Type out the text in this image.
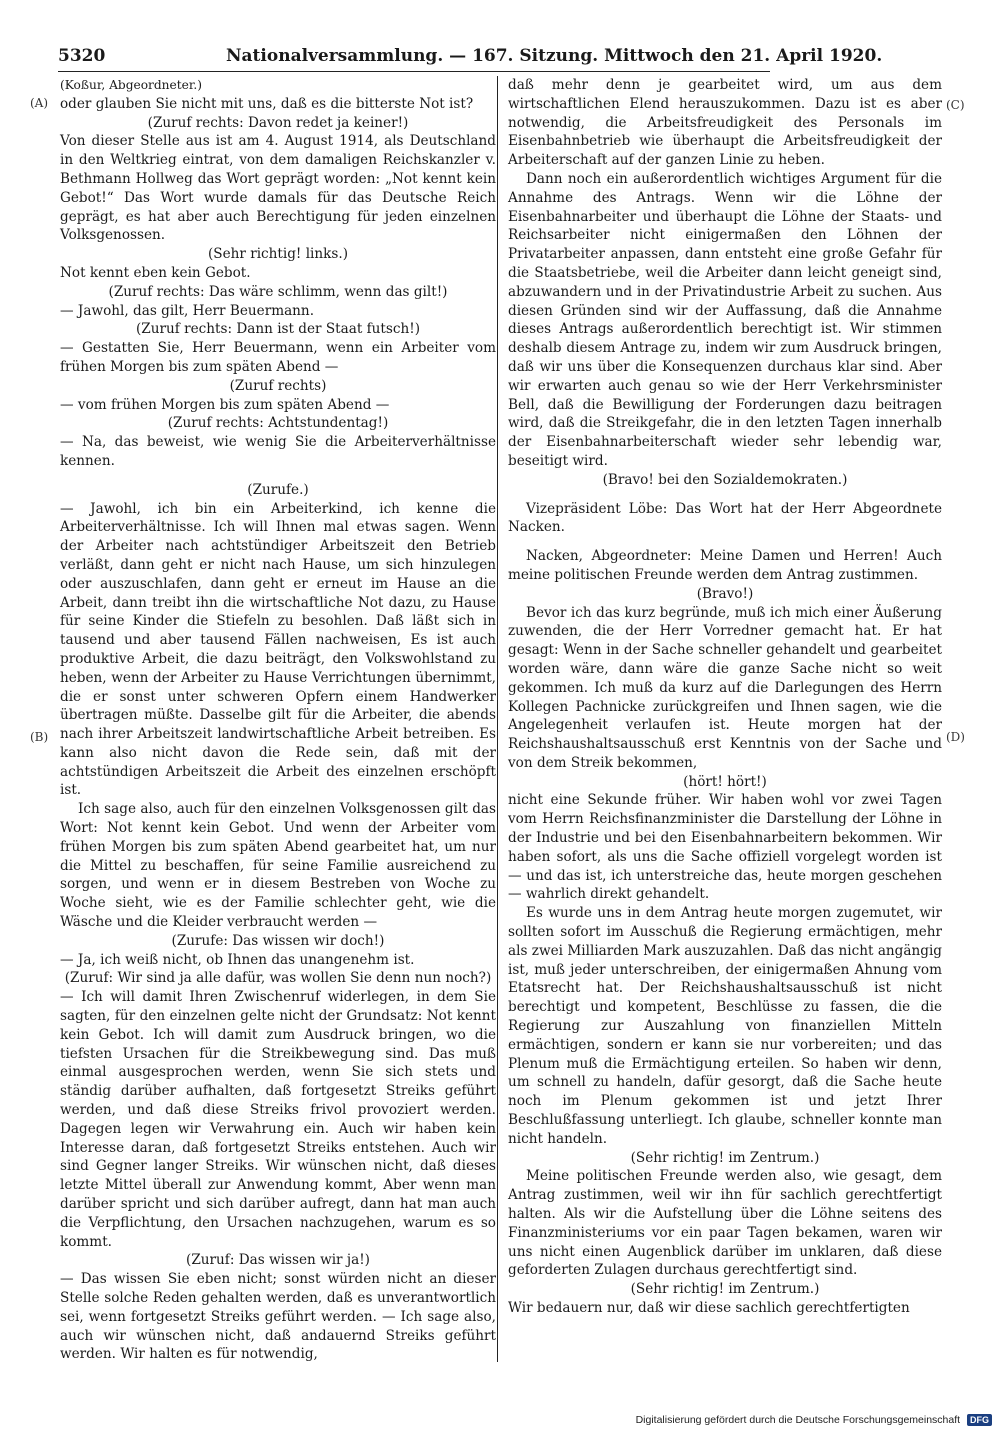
5320	Nationalversammlung. — 167. Sitzung. Mittwoch den 21. April 1920.
(A)
(B)
(C)
(D)

(Koßur, Abgeordneter.)

oder glauben Sie nicht mit uns, daß es die bitterste Not ist?

(Zuruf rechts: Davon redet ja keiner!)

Von dieser Stelle aus ist am 4. August 1914, als Deutschland in den Weltkrieg eintrat, von dem damaligen Reichskanzler v. Bethmann Hollweg das Wort geprägt worden: „Not kennt kein Gebot!“ Das Wort wurde damals für das Deutsche Reich geprägt, es hat aber auch Berechtigung für jeden einzelnen Volksgenossen.

(Sehr richtig! links.)

Not kennt eben kein Gebot.

(Zuruf rechts: Das wäre schlimm, wenn das gilt!)

— Jawohl, das gilt, Herr Beuermann.

(Zuruf rechts: Dann ist der Staat futsch!)

— Gestatten Sie, Herr Beuermann, wenn ein Arbeiter vom frühen Morgen bis zum späten Abend —

(Zuruf rechts)

— vom frühen Morgen bis zum späten Abend —

(Zuruf rechts: Achtstundentag!)

— Na, das beweist, wie wenig Sie die Arbeiterverhältnisse kennen.

(Zurufe.)

— Jawohl, ich bin ein Arbeiterkind, ich kenne die Arbeiterverhältnisse. Ich will Ihnen mal etwas sagen. Wenn der Arbeiter nach achtstündiger Arbeitszeit den Betrieb verläßt, dann geht er nicht nach Hause, um sich hinzulegen oder auszuschlafen, dann geht er erneut im Hause an die Arbeit, dann treibt ihn die wirtschaftliche Not dazu, zu Hause für seine Kinder die Stiefeln zu besohlen. Daß läßt sich in tausend und aber tausend Fällen nachweisen, Es ist auch produktive Arbeit, die dazu beiträgt, den Volkswohlstand zu heben, wenn der Arbeiter zu Hause Verrichtungen übernimmt, die er sonst unter schweren Opfern einem Handwerker übertragen müßte. Dasselbe gilt für die Arbeiter, die abends nach ihrer Arbeitszeit landwirtschaftliche Arbeit betreiben. Es kann also nicht davon die Rede sein, daß mit der achtstündigen Arbeitszeit die Arbeit des einzelnen erschöpft ist.

Ich sage also, auch für den einzelnen Volksgenossen gilt das Wort: Not kennt kein Gebot. Und wenn der Arbeiter vom frühen Morgen bis zum späten Abend gearbeitet hat, um nur die Mittel zu beschaffen, für seine Familie ausreichend zu sorgen, und wenn er in diesem Bestreben von Woche zu Woche sieht, wie es der Familie schlechter geht, wie die Wäsche und die Kleider verbraucht werden —

(Zurufe: Das wissen wir doch!)

— Ja, ich weiß nicht, ob Ihnen das unangenehm ist.

(Zuruf: Wir sind ja alle dafür, was wollen Sie denn nun noch?)

— Ich will damit Ihren Zwischenruf widerlegen, in dem Sie sagten, für den einzelnen gelte nicht der Grundsatz: Not kennt kein Gebot. Ich will damit zum Ausdruck bringen, wo die tiefsten Ursachen für die Streikbewegung sind. Das muß einmal ausgesprochen werden, wenn Sie sich stets und ständig darüber aufhalten, daß fortgesetzt Streiks geführt werden, und daß diese Streiks frivol provoziert werden. Dagegen legen wir Verwahrung ein. Auch wir haben kein Interesse daran, daß fortgesetzt Streiks entstehen. Auch wir sind Gegner langer Streiks. Wir wünschen nicht, daß dieses letzte Mittel überall zur Anwendung kommt, Aber wenn man darüber spricht und sich darüber aufregt, dann hat man auch die Verpflichtung, den Ursachen nachzugehen, warum es so kommt.

(Zuruf: Das wissen wir ja!)

— Das wissen Sie eben nicht; sonst würden nicht an dieser Stelle solche Reden gehalten werden, daß es unverantwortlich sei, wenn fortgesetzt Streiks geführt werden. — Ich sage also, auch wir wünschen nicht, daß andauernd Streiks geführt werden. Wir halten es für notwendig,

daß mehr denn je gearbeitet wird, um aus dem wirtschaftlichen Elend herauszukommen. Dazu ist es aber notwendig, die Arbeitsfreudigkeit des Personals im Eisenbahnbetrieb wie überhaupt die Arbeitsfreudigkeit der Arbeiterschaft auf der ganzen Linie zu heben.

Dann noch ein außerordentlich wichtiges Argument für die Annahme des Antrags. Wenn wir die Löhne der Eisenbahnarbeiter und überhaupt die Löhne der Staats- und Reichsarbeiter nicht einigermaßen den Löhnen der Privatarbeiter anpassen, dann entsteht eine große Gefahr für die Staatsbetriebe, weil die Arbeiter dann leicht geneigt sind, abzuwandern und in der Privatindustrie Arbeit zu suchen. Aus diesen Gründen sind wir der Auffassung, daß die Annahme dieses Antrags außerordentlich berechtigt ist. Wir stimmen deshalb diesem Antrage zu, indem wir zum Ausdruck bringen, daß wir uns über die Konsequenzen durchaus klar sind. Aber wir erwarten auch genau so wie der Herr Verkehrsminister Bell, daß die Bewilligung der Forderungen dazu beitragen wird, daß die Streikgefahr, die in den letzten Tagen innerhalb der Eisenbahnarbeiterschaft wieder sehr lebendig war, beseitigt wird.

(Bravo! bei den Sozialdemokraten.)

Vizepräsident Löbe: Das Wort hat der Herr Abgeordnete Nacken.

Nacken, Abgeordneter: Meine Damen und Herren! Auch meine politischen Freunde werden dem Antrag zustimmen.

(Bravo!)

Bevor ich das kurz begründe, muß ich mich einer Äußerung zuwenden, die der Herr Vorredner gemacht hat. Er hat gesagt: Wenn in der Sache schneller gehandelt und gearbeitet worden wäre, dann wäre die ganze Sache nicht so weit gekommen. Ich muß da kurz auf die Darlegungen des Herrn Kollegen Pachnicke zurückgreifen und Ihnen sagen, wie die Angelegenheit verlaufen ist. Heute morgen hat der Reichshaushaltsausschuß erst Kenntnis von der Sache und von dem Streik bekommen,

(hört! hört!)

nicht eine Sekunde früher. Wir haben wohl vor zwei Tagen vom Herrn Reichsfinanzminister die Darstellung der Löhne in der Industrie und bei den Eisenbahnarbeitern bekommen. Wir haben sofort, als uns die Sache offiziell vorgelegt worden ist — und das ist, ich unterstreiche das, heute morgen geschehen — wahrlich direkt gehandelt.

Es wurde uns in dem Antrag heute morgen zugemutet, wir sollten sofort im Ausschuß die Regierung ermächtigen, mehr als zwei Milliarden Mark auszuzahlen. Daß das nicht angängig ist, muß jeder unterschreiben, der einigermaßen Ahnung vom Etatsrecht hat. Der Reichshaushaltsausschuß ist nicht berechtigt und kompetent, Beschlüsse zu fassen, die die Regierung zur Auszahlung von finanziellen Mitteln ermächtigen, sondern er kann sie nur vorbereiten; und das Plenum muß die Ermächtigung erteilen. So haben wir denn, um schnell zu handeln, dafür gesorgt, daß die Sache heute noch im Plenum gekommen ist und jetzt Ihrer Beschlußfassung unterliegt. Ich glaube, schneller konnte man nicht handeln.

(Sehr richtig! im Zentrum.)

Meine politischen Freunde werden also, wie gesagt, dem Antrag zustimmen, weil wir ihn für sachlich gerechtfertigt halten. Als wir die Aufstellung über die Löhne seitens des Finanzministeriums vor ein paar Tagen bekamen, waren wir uns nicht einen Augenblick darüber im unklaren, daß diese geforderten Zulagen durchaus gerechtfertigt sind.

(Sehr richtig! im Zentrum.)

Wir bedauern nur, daß wir diese sachlich gerechtfertigten

Digitalisierung gefördert durch die Deutsche Forschungsgemeinschaft DFG
